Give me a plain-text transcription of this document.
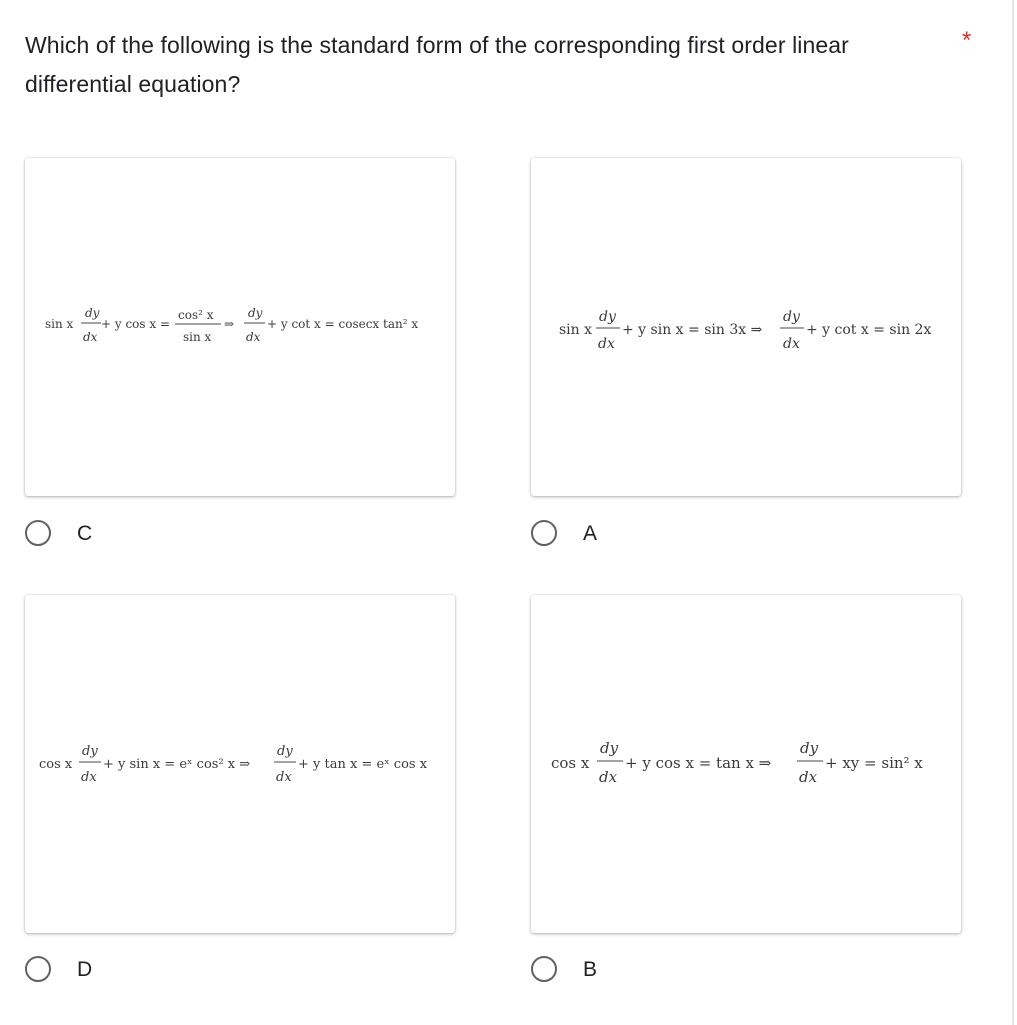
Which of the following is the standard form of the corresponding first order linear differential equation?
*
sin x
dy
dx
+ y cos x =
cos² x
sin x
⇒
dy
dx
+ y cot x = cosecx tan² x	sin x
dy
dx
+ y sin x = sin 3x ⇒
dy
dx
+ y cot x = sin 2x
C	A
cos x
dy
dx
+ y sin x = eˣ cos² x ⇒
dy
dx
+ y tan x = eˣ cos x	cos x
dy
dx
+ y cos x = tan x ⇒
dy
dx
+ xy = sin² x
D	B
